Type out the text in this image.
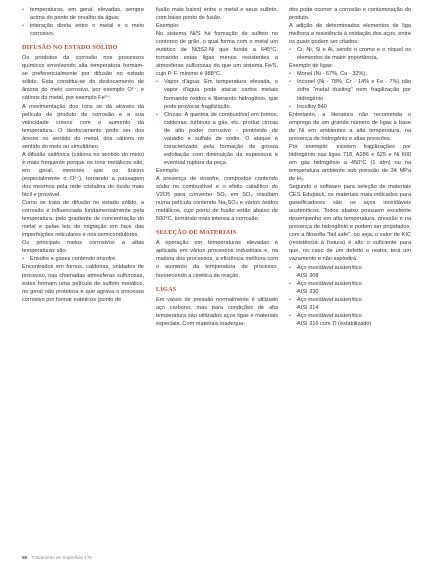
• temperaturas, em geral, elevadas, sempre acima do ponto de orvalho da água;
• interação direta entre o metal e o meio corrosivo.
DIFUSÃO NO ESTADO SÓLIDO

Os produtos da corrosão nos processos químicos envolvendo alta temperatura formam-se preferencialmente por difusão no estado sólido. Esta constitui-se do deslocamento de ânions do meio corrosivo, por exemplo O²⁻, e cátions do metal, por exemplo Fe²⁺.

A movimentação dos íons se dá através da película de produto de corrosão e a sua velocidade cresce com o aumento da temperatura. O deslocamento pode ser dos ânions no sentido do metal, dos cátions no sentido do meio ou simultâneo.

A difusão catiônica (cátions no sentido do meio) é mais frequente porque os íons metálicos são, em geral, menores que os ânions (especialmente o O²⁻), tornando a passagem dos mesmos pela rede cristalina do óxido mais fácil e provável.

Como se trata de difusão no estado sólido, a corrosão é influenciada fundamentalmente pela temperatura, pelo gradiente de concentração do metal e pelas leis de migração em face das imperfeições reticulares e nos semicondutores.

Os principais meios corrosivos a altas temperaturas são:

• Enxofre e gases contendo enxofre.

Encontrados em fornos, caldeiras, unidades de processo, nas chamadas atmosferas sulfurosas, estes formam uma película de sulfeto metálico, no geral não protetora e que agrava o processo corrosivo por formar eutéticos (ponto de

fusão mais baixo) entre o metal e seus sulfeto, com baixo ponto de fusão.

Exemplo:

No sistema Ni/S há formação de sulfeto no contorno de grão, o qual forma com o metal um eutético de Ni3S2-Ni que funde a 645°C, tornando estas ligas menos resistentes a atmosferas sulfurosas do que um sistema Fe/S, cujo P. F. mínimo é 988°C.

• Vapor d'água: Em temperatura elevada, o vapor d'água pode atacar certos metais formando óxidos e liberando hidrogênio, que pode provocar fragilização.
• Cinzas: A queima de combustível em fornos, caldeiras, turbinas a gás, etc. produz cinzas de alto poder corrosivo - pentóxido de vanádio e sulfato de sódio. O ataque é caracterizado pela formação de grossa esfoliação com diminuição da espessura e eventual ruptura da peça.

Exemplo:

A presença de enxofre, compostos contendo sódio no combustível e o efeito catalítico do V2O5 para converter SO₂ em SO₃ resultam numa película contendo Na₂SO₄ e vários óxidos metálicos, cujo ponto de fusão estão abaixo de 500°C, tornando mais intensa a corrosão.

SELEÇÃO DE MATERIAIS

A operação em temperaturas elevadas é aplicada em vários processos industriais e, na maioria dos processos, a eficiência melhora com o aumento da temperatura de processo, favorecendo a cinética de reação.

LIGAS

Em vasos de pressão normalmente é utilizado aço carbono, mas para condições de alta temperatura são utilizados aços ligas e materiais especiais. Com materiais inadequa-

dos pode ocorrer a corrosão e contaminação do produto.

A adição de determinados elementos de liga melhora a resistência à oxidação dos aços, entre os quais podem ser citados:

• Cr, Ni, Si e Al, sendo o cromo e o níquel os elementos de maior importância,

Exemplo de ligas:

• Monel (Ni - 67%, Cu - 32%),
• Inconel (Ni - 78%, Cr - 14% e Fe - 7%) não sofre "metal dusting" nem fragilização por hidrogênio
• Incolloy 840

Entretanto, a literatura não recomenda o emprego de um grande número de ligas a base de Ni em ambientes a alta temperatura, na presença de hidrogênio e altas pressões.

Por exemplo: existem fragilizações por hidrogênio nas ligas 718, A286 e 625 e Ni 600 em gás hidrogênio a 450°C (1 atm) ou na temperatura ambiente sob pressão de 34 MPa de H₂.

Segundo o software para seleção de materiais CES Edupack, os materiais mais indicados para gaseificadores são os aços inoxidáveis austeníticos. Todos abaixo possuem excelente desempenho em alta temperatura, pressão e na presença de hidrogênio e podem ser projetados, com a filosofia "fail safe", ou seja, o valor de KIC (resistência à fratura) é alto o suficiente para que, no caso de um defeito o reator, terá um vazamento e não explodirá.

• Aço inoxidável austenítico
AISI 308
• Aço inoxidável austenítico
AISI 330
• Aço inoxidável austenítico
AISI 314
• Aço inoxidável austenítico
AISI 316 com Ti (estabilizado)
58 Tratamento de Superfície 176
